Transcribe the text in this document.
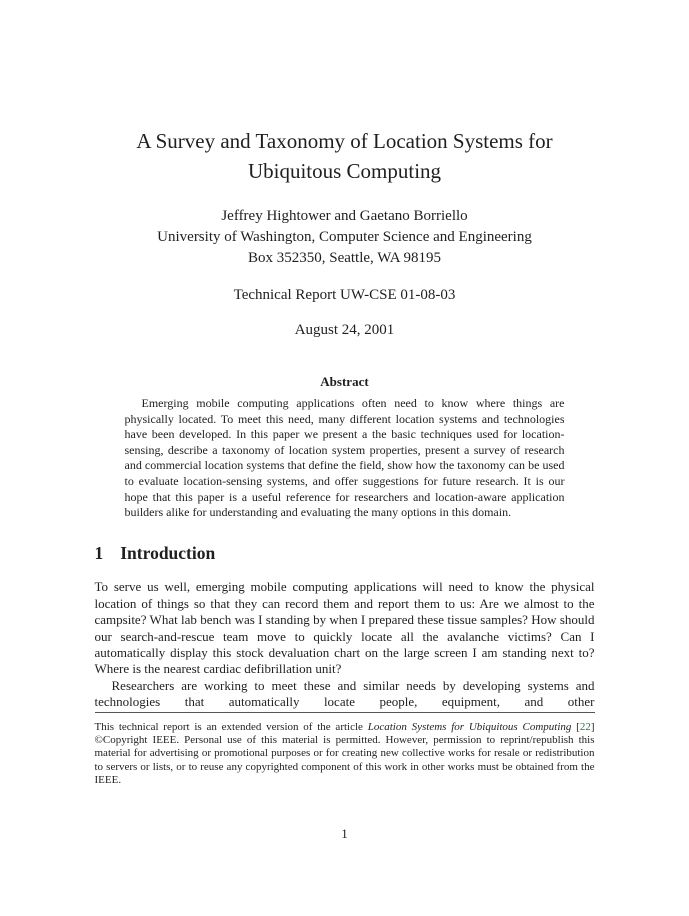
A Survey and Taxonomy of Location Systems for
Ubiquitous Computing
Jeffrey Hightower and Gaetano Borriello
University of Washington, Computer Science and Engineering
Box 352350, Seattle, WA 98195
Technical Report UW-CSE 01-08-03
August 24, 2001
Abstract

Emerging mobile computing applications often need to know where things are physically located. To meet this need, many different location systems and technologies have been developed. In this paper we present a the basic techniques used for location-sensing, describe a taxonomy of location system properties, present a survey of research and commercial location systems that define the field, show how the taxonomy can be used to evaluate location-sensing systems, and offer suggestions for future research. It is our hope that this paper is a useful reference for researchers and location-aware application builders alike for understanding and evaluating the many options in this domain.

1 Introduction

To serve us well, emerging mobile computing applications will need to know the physical location of things so that they can record them and report them to us: Are we almost to the campsite? What lab bench was I standing by when I prepared these tissue samples? How should our search-and-rescue team move to quickly locate all the avalanche victims? Can I automatically display this stock devaluation chart on the large screen I am standing next to? Where is the nearest cardiac defibrillation unit?

Researchers are working to meet these and similar needs by developing systems and technologies that automatically locate people, equipment, and other

This technical report is an extended version of the article Location Systems for Ubiquitous Computing [22] ©Copyright IEEE. Personal use of this material is permitted. However, permission to reprint/republish this material for advertising or promotional purposes or for creating new collective works for resale or redistribution to servers or lists, or to reuse any copyrighted component of this work in other works must be obtained from the IEEE.

1
